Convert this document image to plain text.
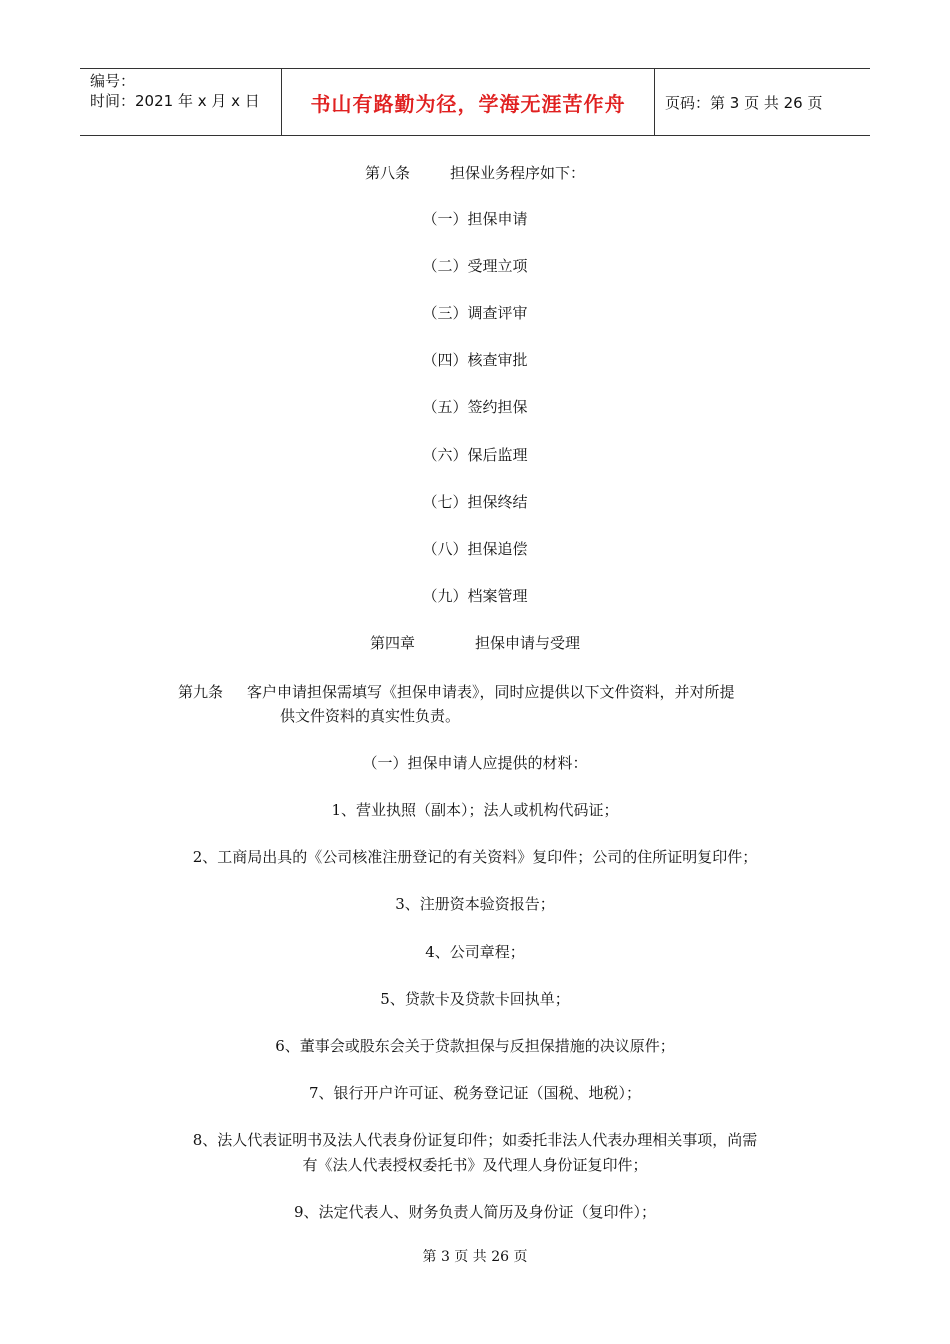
编号：
时间：2021 年 x 月 x 日	书山有路勤为径，学海无涯苦作舟	页码：第 3 页 共 26 页
第八条	担保业务程序如下：
（一）担保申请
（二）受理立项
（三）调查评审
（四）核查审批
（五）签约担保
（六）保后监理
（七）担保终结
（八）担保追偿
（九）档案管理
第四章	担保申请与受理
第九条 客户申请担保需填写《担保申请表》，同时应提供以下文件资料，并对所提
供文件资料的真实性负责。
（一）担保申请人应提供的材料：
1、营业执照（副本）；法人或机构代码证；
2、工商局出具的《公司核准注册登记的有关资料》复印件；公司的住所证明复印件；
3、注册资本验资报告；
4、公司章程；
5、贷款卡及贷款卡回执单；
6、董事会或股东会关于贷款担保与反担保措施的决议原件；
7、银行开户许可证、税务登记证（国税、地税）；
8、法人代表证明书及法人代表身份证复印件；如委托非法人代表办理相关事项，尚需
有《法人代表授权委托书》及代理人身份证复印件；
9、法定代表人、财务负责人简历及身份证（复印件）；
第 3 页 共 26 页
